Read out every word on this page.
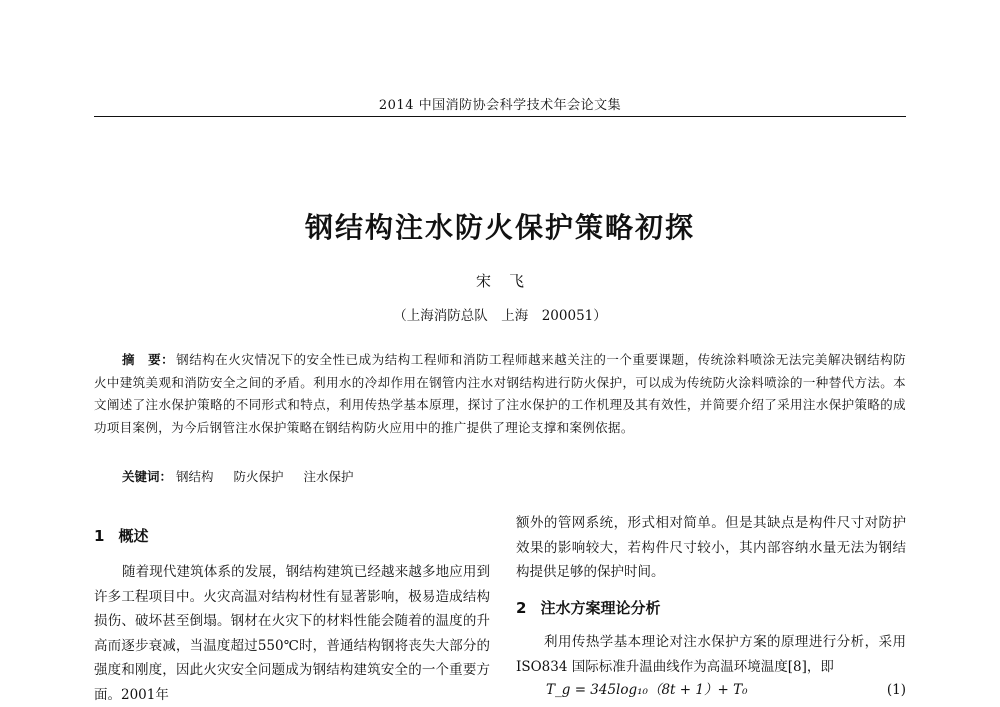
2014 中国消防协会科学技术年会论文集
钢结构注水防火保护策略初探
宋飞
（上海消防总队　上海　200051）
摘　要： 钢结构在火灾情况下的安全性已成为结构工程师和消防工程师越来越关注的一个重要课题，传统涂料喷涂无法完美解决钢结构防火中建筑美观和消防安全之间的矛盾。利用水的冷却作用在钢管内注水对钢结构进行防火保护，可以成为传统防火涂料喷涂的一种替代方法。本文阐述了注水保护策略的不同形式和特点，利用传热学基本原理，探讨了注水保护的工作机理及其有效性，并简要介绍了采用注水保护策略的成功项目案例，为今后钢管注水保护策略在钢结构防火应用中的推广提供了理论支撑和案例依据。
关键词： 钢结构 防火保护 注水保护
1 概述

随着现代建筑体系的发展，钢结构建筑已经越来越多地应用到许多工程项目中。火灾高温对结构材性有显著影响，极易造成结构损伤、破坏甚至倒塌。钢材在火灾下的材料性能会随着的温度的升高而逐步衰减，当温度超过550℃时，普通结构钢将丧失大部分的强度和刚度，因此火灾安全问题成为钢结构建筑安全的一个重要方面。2001年

额外的管网系统，形式相对简单。但是其缺点是构件尺寸对防护效果的影响较大，若构件尺寸较小，其内部容纳水量无法为钢结构提供足够的保护时间。

2 注水方案理论分析

利用传热学基本理论对注水保护方案的原理进行分析，采用 ISO834 国际标准升温曲线作为高温环境温度[8]，即

T_g = 345log₁₀（8t + 1）+ T₀	(1)
